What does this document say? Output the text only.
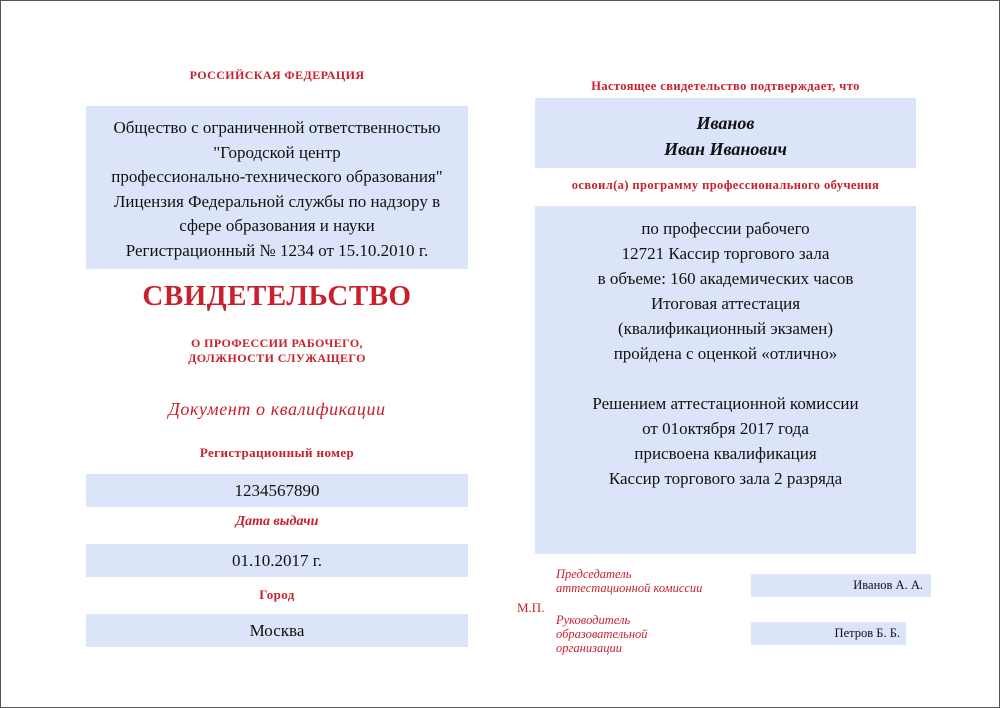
РОССИЙСКАЯ ФЕДЕРАЦИЯ
Общество с ограниченной ответственностью
"Городской центр
профессионально-технического образования"
Лицензия Федеральной службы по надзору в
сфере образования и науки
Регистрационный № 1234 от 15.10.2010 г.
СВИДЕТЕЛЬСТВО
О ПРОФЕССИИ РАБОЧЕГО,
ДОЛЖНОСТИ СЛУЖАЩЕГО
Документ о квалификации
Регистрационный номер
1234567890
Дата выдачи
01.10.2017 г.
Город
Москва
Настоящее свидетельство подтверждает, что
Иванов
Иван Иванович
освоил(а) программу профессионального обучения
по профессии рабочего
12721 Кассир торгового зала
в объеме: 160 академических часов
Итоговая аттестация
(квалификационный экзамен)
пройдена с оценкой «отлично»
Решением аттестационной комиссии
от 01октября 2017 года
присвоена квалификация
Кассир торгового зала 2 разряда
Председатель
аттестационной комиссии	Иванов А. А.
М.П.
Руководитель
образовательной
организации
Петров Б. Б.
